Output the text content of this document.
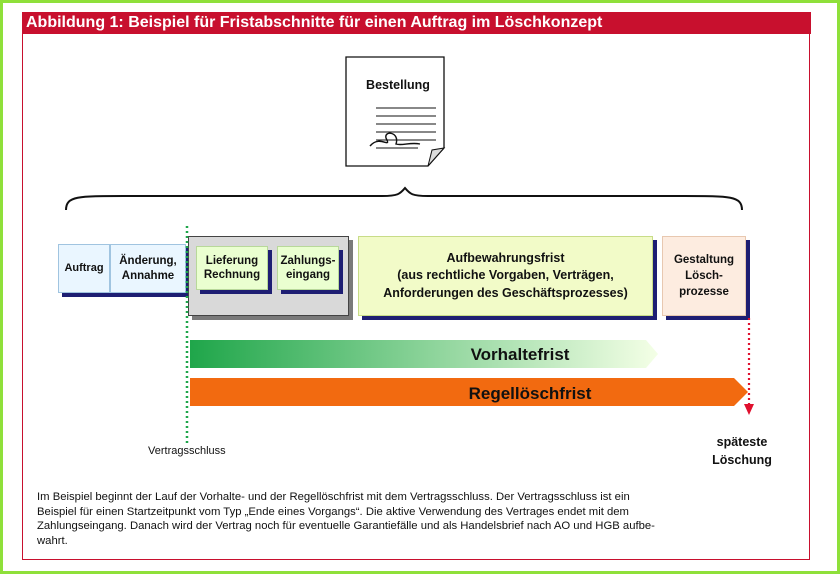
Abbildung 1: Beispiel für Fristabschnitte für einen Auftrag im Löschkonzept
Bestellung
Auftrag
Änderung,
Annahme
Lieferung
Rechnung
Zahlungs-
eingang
Aufbewahrungsfrist
(aus rechtliche Vorgaben, Verträgen,
Anforderungen des Geschäftsprozesses)
Gestaltung
Lösch-
prozesse
Vorhaltefrist
Regellöschfrist
Vertragsschluss
späteste
Löschung
Im Beispiel beginnt der Lauf der Vorhalte- und der Regellöschfrist mit dem Vertragsschluss. Der Vertragsschluss ist ein
Beispiel für einen Startzeitpunkt vom Typ „Ende eines Vorgangs“. Die aktive Verwendung des Vertrages endet mit dem
Zahlungseingang. Danach wird der Vertrag noch für eventuelle Garantiefälle und als Handelsbrief nach AO und HGB aufbe-
wahrt.
